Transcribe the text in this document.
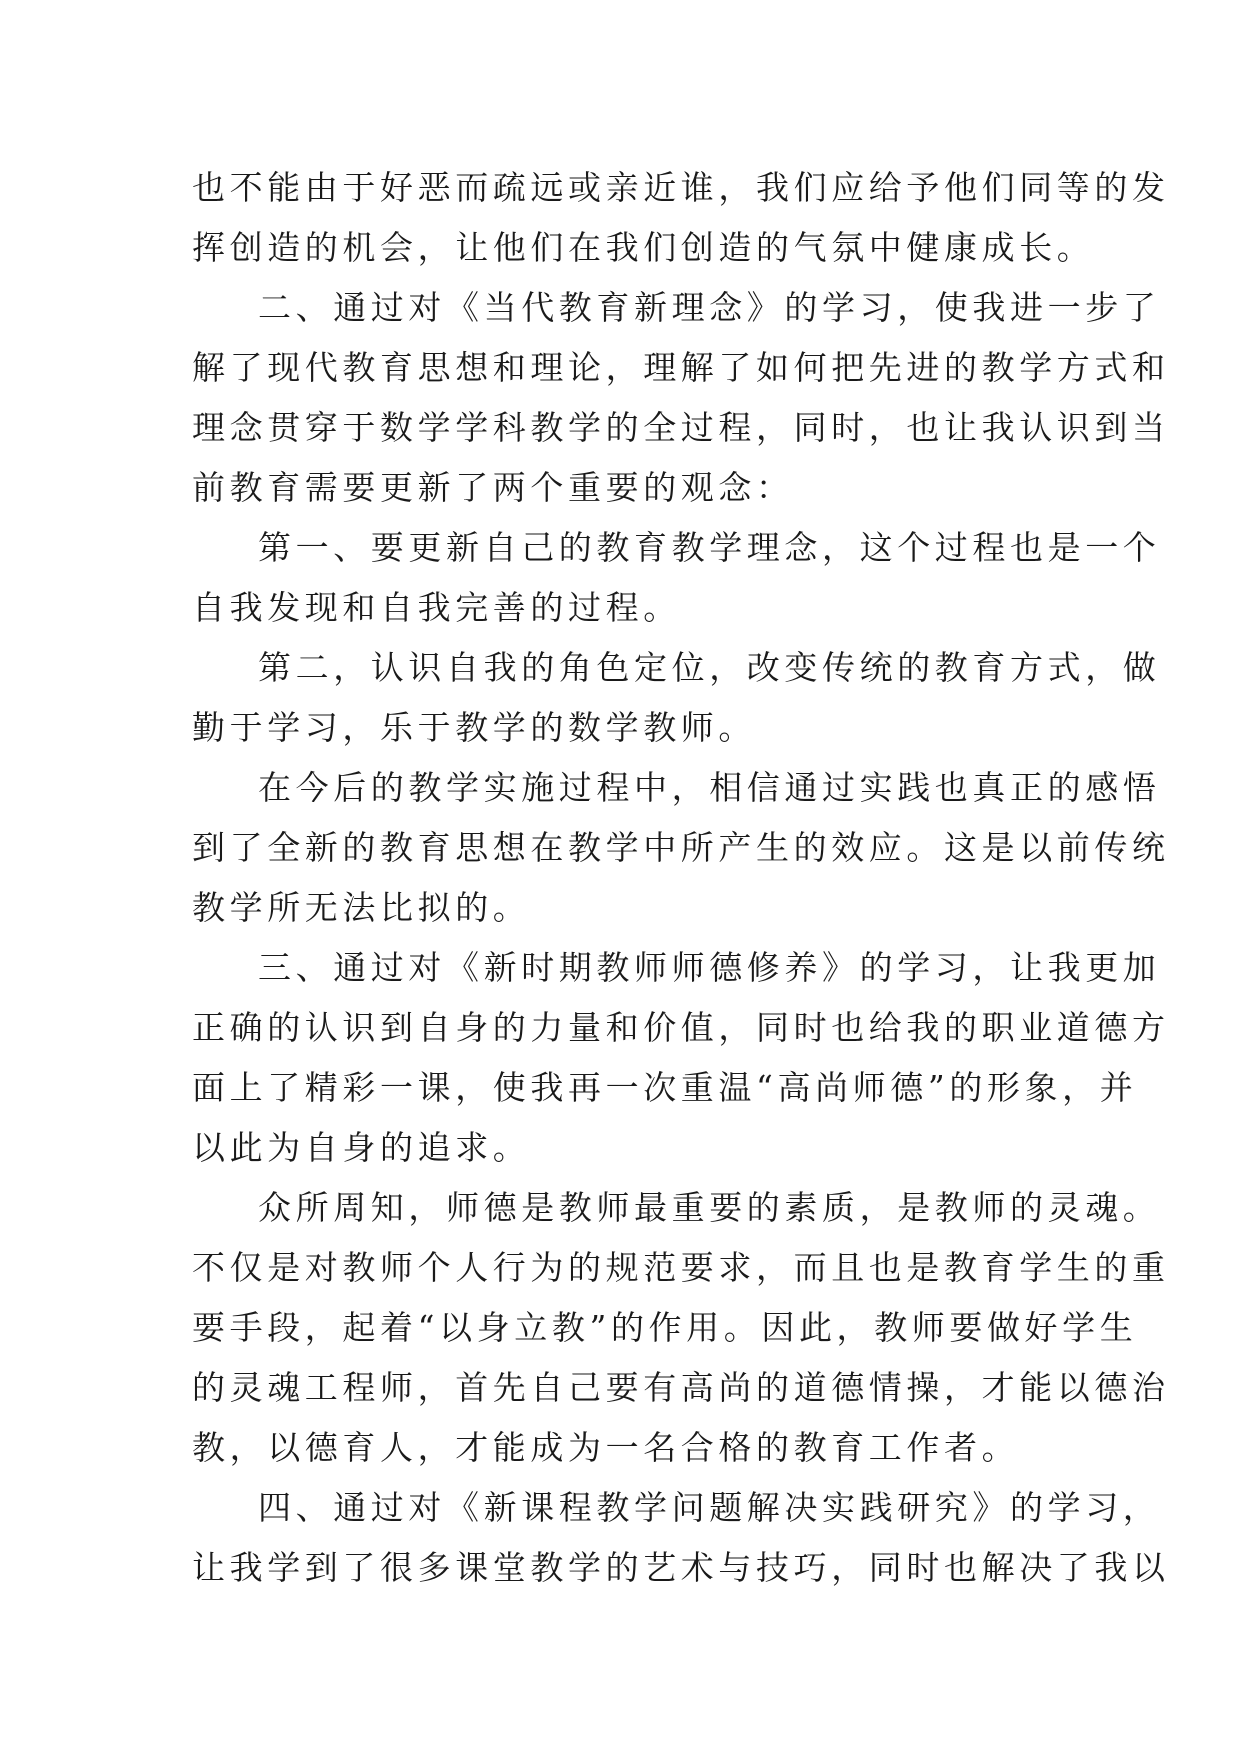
也不能由于好恶而疏远或亲近谁，我们应给予他们同等的发
挥创造的机会，让他们在我们创造的气氛中健康成长。
二、通过对《当代教育新理念》的学习，使我进一步了
解了现代教育思想和理论，理解了如何把先进的教学方式和
理念贯穿于数学学科教学的全过程，同时，也让我认识到当
前教育需要更新了两个重要的观念：
第一、要更新自己的教育教学理念，这个过程也是一个
自我发现和自我完善的过程。
第二，认识自我的角色定位，改变传统的教育方式，做
勤于学习，乐于教学的数学教师。
在今后的教学实施过程中，相信通过实践也真正的感悟
到了全新的教育思想在教学中所产生的效应。这是以前传统
教学所无法比拟的。
三、通过对《新时期教师师德修养》的学习，让我更加
正确的认识到自身的力量和价值，同时也给我的职业道德方
面上了精彩一课，使我再一次重温“高尚师德”的形象，并
以此为自身的追求。
众所周知，师德是教师最重要的素质，是教师的灵魂。
不仅是对教师个人行为的规范要求，而且也是教育学生的重
要手段，起着“以身立教”的作用。因此，教师要做好学生
的灵魂工程师，首先自己要有高尚的道德情操，才能以德治
教，以德育人，才能成为一名合格的教育工作者。
四、通过对《新课程教学问题解决实践研究》的学习，
让我学到了很多课堂教学的艺术与技巧，同时也解决了我以
